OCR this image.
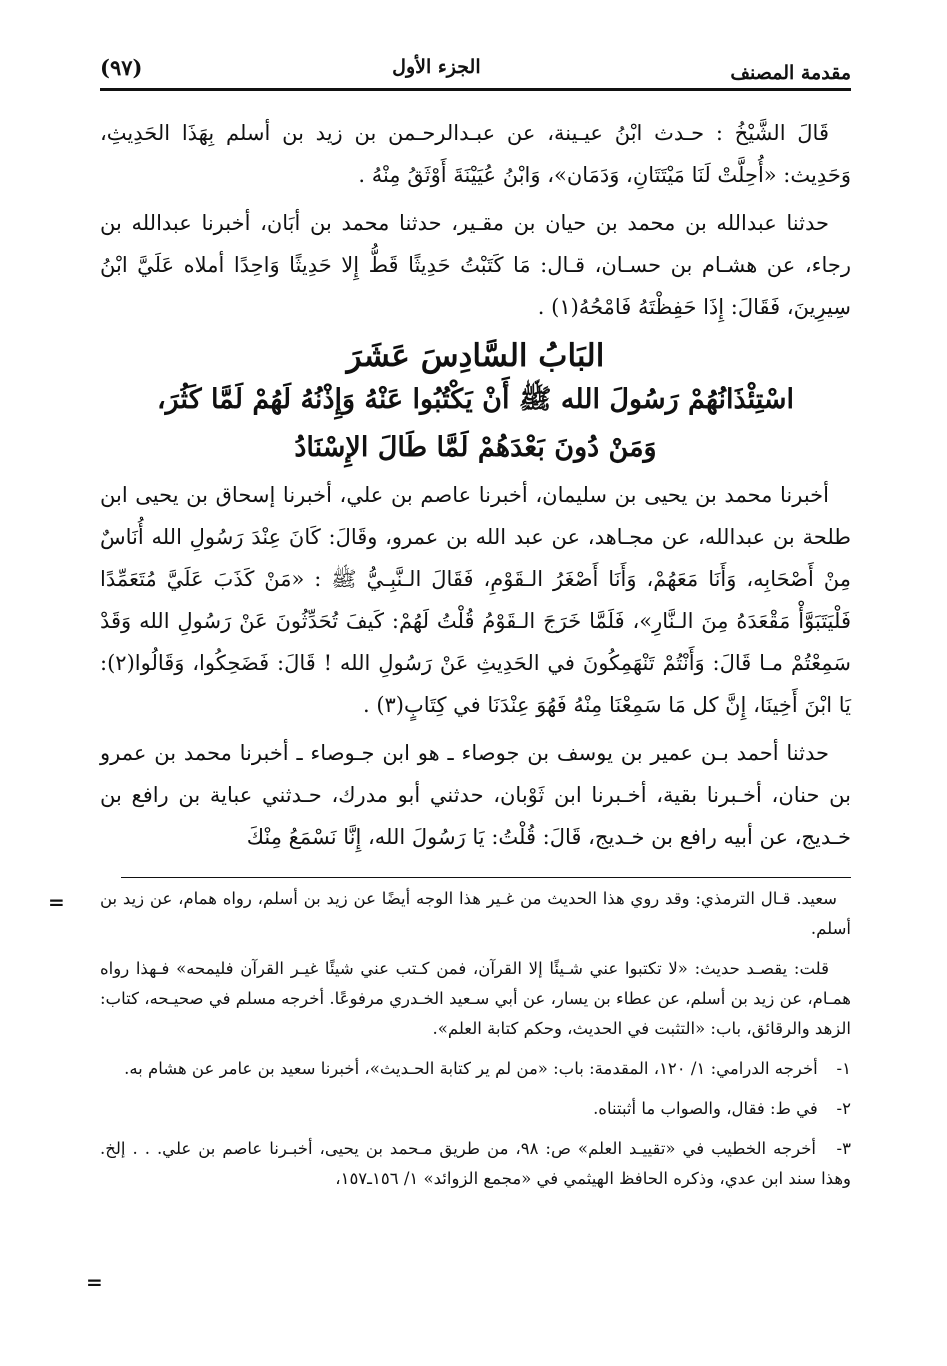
مقدمة المصنف
الجزء الأول
(٩٧)

قَالَ الشَّيْخُ : حـدث ابْنُ عيـينة، عن عبـدالرحـمن بن زيد بن أسلم بِهَذَا الحَدِيثِ، وَحَدِيث: «أُحِلَّتْ لَنَا مَيْتَتَانِ، وَدَمَان»، وَابْنُ عُيَيْنَةَ أَوْثَقُ مِنْهُ .

حدثنا عبدالله بن محمد بن حيان بن مقـير، حدثنا محمد بن أبَان، أخبرنا عبدالله بن رجاء، عن هشـام بن حسـان، قـال: مَا كَتَبْتُ حَدِيثًا قَطُّ إِلا حَدِيثًا وَاحِدًا أملاه عَلَيَّ ابْنُ سِيرِينَ، فَقَالَ: إِذَا حَفِظْتَهُ فَامْحُهُ(١) .

البَابُ السَّادِسَ عَشَرَ
اسْتِئْذَانُهُمْ رَسُولَ الله ﷺ أَنْ يَكْتُبُوا عَنْهُ وَإِذْنُهُ لَهُمْ لَمَّا كَثُرَ،
وَمَنْ دُونَ بَعْدَهُمْ لَمَّا طَالَ الإِسْنَادُ

أخبرنا محمد بن يحيى بن سليمان، أخبرنا عاصم بن علي، أخبرنا إسحاق بن يحيى ابن طلحة بن عبدالله، عن مجـاهد، عن عبد الله بن عمرو، وقَالَ: كَانَ عِنْدَ رَسُولِ الله أُنَاسٌ مِنْ أَصْحَابِه، وَأَنَا مَعَهُمْ، وَأَنَا أَصْغَرُ الـقَوْمِ، فَقَالَ الـنَّبِـيُّ ﷺ : «مَنْ كَذَبَ عَلَيَّ مُتَعَمِّدًا فَلْيَتَبَوَّأْ مَقْعَدَهُ مِنَ الـنَّارِ»، فَلَمَّا خَرَجَ الـقَوْمُ قُلْتُ لَهُمْ: كَيفَ تُحَدِّثُونَ عَنْ رَسُولِ الله وَقَدْ سَمِعْتُمْ مـا قَالَ: وَأَنْتُمْ تَنْهَمِكُونَ في الحَدِيثِ عَنْ رَسُولِ الله ! قَالَ: فَضَحِكُوا، وَقَالُوا(٢): يَا ابْنَ أَخِينَا، إِنَّ كل مَا سَمِعْنَا مِنْهُ فَهُوَ عِنْدَنَا في كِتَابٍ(٣) .

حدثنا أحمد بـن عمير بن يوسف بن جوصاء ـ هو ابن جـوصاء ـ أخبرنا محمد بن عمرو بن حنان، أخـبرنا بقية، أخـبرنا ابن ثَوْبان، حدثني أبو مدرك، حـدثني عباية بن رافع بن خـديج، عن أبيه رافع بن خـديج، قَالَ: قُلْتُ: يَا رَسُولَ الله، إِنَّا نَسْمَعُ مِنْكَ

=
=

سعيد. قـال الترمذي: وقد روي هذا الحديث من غـير هذا الوجه أيضًا عن زيد بن أسلم، رواه همام، عن زيد بن أسلم.

قلت: يقصـد حديث: «لا تكتبوا عني شـيئًا إلا القرآن، فمن كـتب عني شيئًا غيـر القرآن فليمحه» فـهذا رواه همـام، عن زيد بن أسلم، عن عطاء بن يسار، عن أبي سـعيد الخـدري مرفوعًا. أخرجه مسلم في صحيـحه، كتاب: الزهد والرقائق، باب: «التثبت في الحديث، وحكم كتابة العلم».

١- أخرجه الدرامي: ١/ ١٢٠، المقدمة: باب: «من لم ير كتابة الحـديث»، أخبرنا سعيد بن عامر عن هشام به.

٢- في ط: فقال، والصواب ما أثبتناه.

٣- أخرجه الخطيب في «تقييـد العلم» ص: ٩٨، من طريق مـحمد بن يحيى، أخبـرنا عاصم بن علي. . . إلخ. وهذا سند ابن عدي، وذكره الحافظ الهيثمي في «مجمع الزوائد» ١/ ١٥٦ـ١٥٧،
